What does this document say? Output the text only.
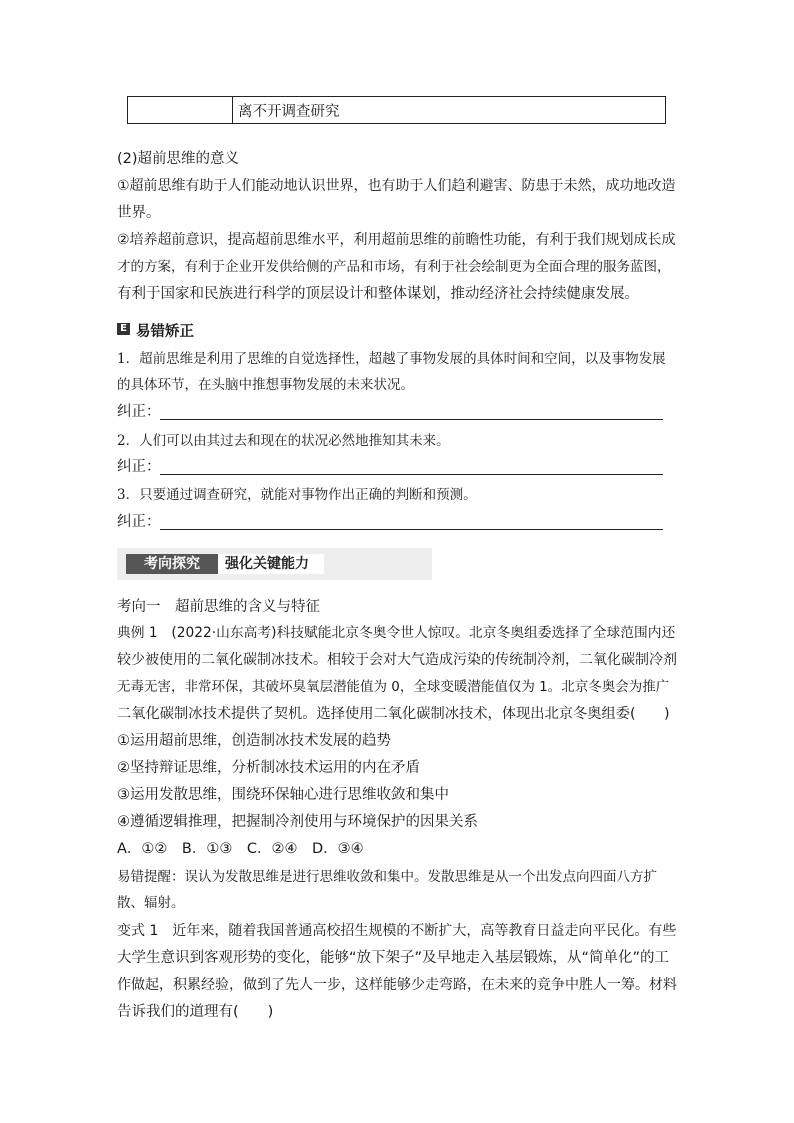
离不开调查研究
(2)超前思维的意义
①超前思维有助于人们能动地认识世界，也有助于人们趋利避害、防患于未然，成功地改造
世界。
②培养超前意识，提高超前思维水平，利用超前思维的前瞻性功能，有利于我们规划成长成
才的方案，有利于企业开发供给侧的产品和市场，有利于社会绘制更为全面合理的服务蓝图，
有利于国家和民族进行科学的顶层设计和整体谋划，推动经济社会持续健康发展。
E 易错矫正
1．超前思维是利用了思维的自觉选择性，超越了事物发展的具体时间和空间，以及事物发展
的具体环节，在头脑中推想事物发展的未来状况。
纠正：
2．人们可以由其过去和现在的状况必然地推知其未来。
纠正：
3．只要通过调查研究，就能对事物作出正确的判断和预测。
纠正：
考向探究	强化关键能力
考向一　超前思维的含义与特征
典例 1　(2022·山东高考)科技赋能北京冬奥令世人惊叹。北京冬奥组委选择了全球范围内还
较少被使用的二氧化碳制冰技术。相较于会对大气造成污染的传统制冷剂，二氧化碳制冷剂
无毒无害，非常环保，其破坏臭氧层潜能值为 0，全球变暖潜能值仅为 1。北京冬奥会为推广
二氧化碳制冰技术提供了契机。选择使用二氧化碳制冰技术，体现出北京冬奥组委(　　)
①运用超前思维，创造制冰技术发展的趋势
②坚持辩证思维，分析制冰技术运用的内在矛盾
③运用发散思维，围绕环保轴心进行思维收敛和集中
④遵循逻辑推理，把握制冷剂使用与环境保护的因果关系
A．①②　B．①③　C．②④　D．③④
易错提醒：误认为发散思维是进行思维收敛和集中。发散思维是从一个出发点向四面八方扩
散、辐射。
变式 1　近年来，随着我国普通高校招生规模的不断扩大，高等教育日益走向平民化。有些
大学生意识到客观形势的变化，能够“放下架子”及早地走入基层锻炼，从“简单化”的工
作做起，积累经验，做到了先人一步，这样能够少走弯路，在未来的竞争中胜人一筹。材料
告诉我们的道理有(　　)
